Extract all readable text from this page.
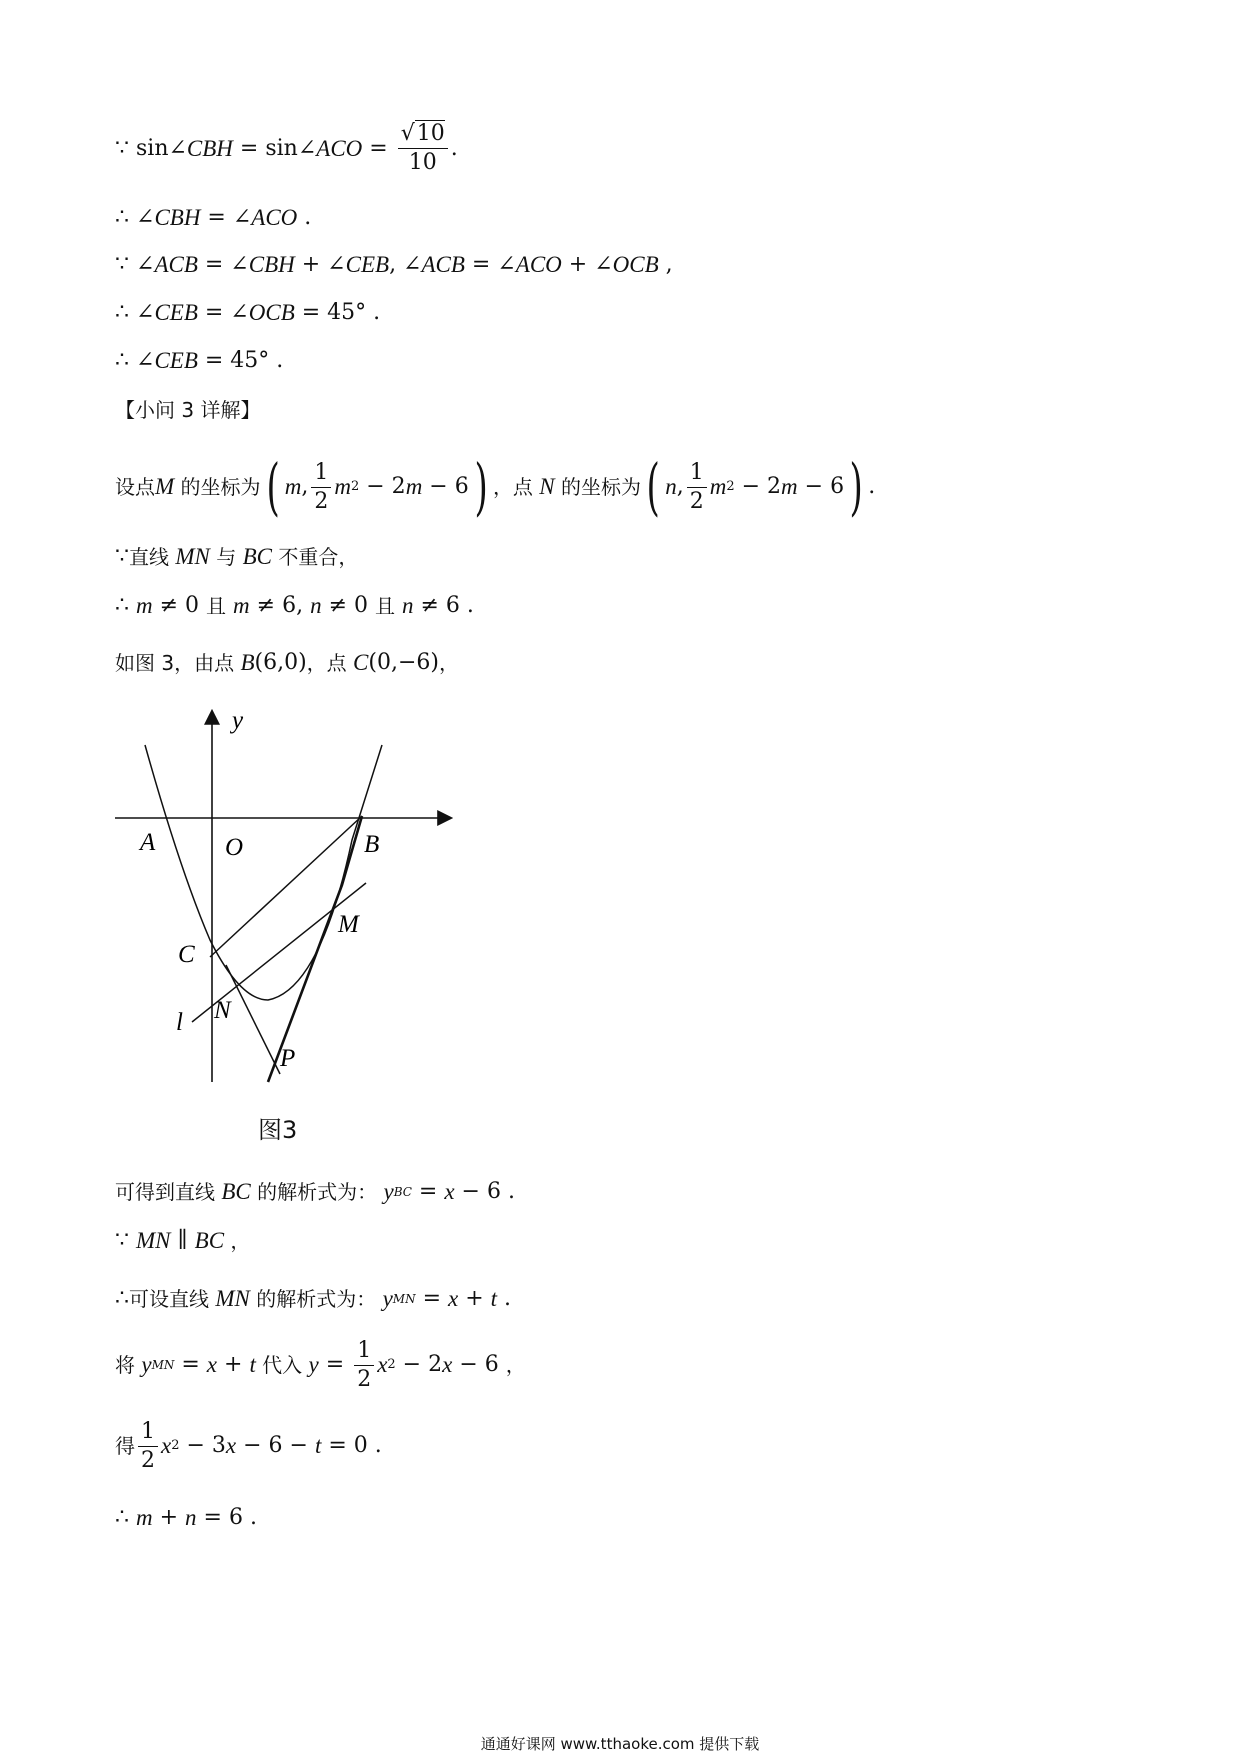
∵ sin∠ CBH = sin∠ ACO = $\frac{√10}{10}$ .
∴ ∠ CBH = ∠ ACO .
∵ ∠ ACB = ∠ CBH + ∠ CEB , ∠ ACB = ∠ ACO + ∠ OCB ,
∴ ∠ CEB = ∠ OCB = 45° .
∴ ∠ CEB = 45° .
【小问 3 详解】
设点 M 的坐标为 ( m , $\frac{1}{2}$ m 2 − 2 m − 6 ) ，点 N 的坐标为 ( n , $\frac{1}{2}$ m 2 − 2 m − 6 ) .
∵ 直线 MN 与 BC 不重合，
∴ m ≠ 0 且
m ≠ 6, n ≠ 0 且
n ≠ 6 .
如图 3，由点 B (6,0) ，点 C (0,−6) ，
y
A	O	B
M
C
N
l
P
图3
可得到直线 BC 的解析式为： y BC = x − 6 .
∵ MN ∥ BC ，
∴ 可设直线 MN 的解析式为： y MN = x + t .
将 y MN = x + t 代入 $y = \frac{1}{2}$ x 2 − 2 x − 6 ，
得 $\frac{1}{2}$ x 2 − 3 x − 6 − t = 0 .
∴ m + n = 6 .
通通好课网 www.tthaoke.com 提供下载
